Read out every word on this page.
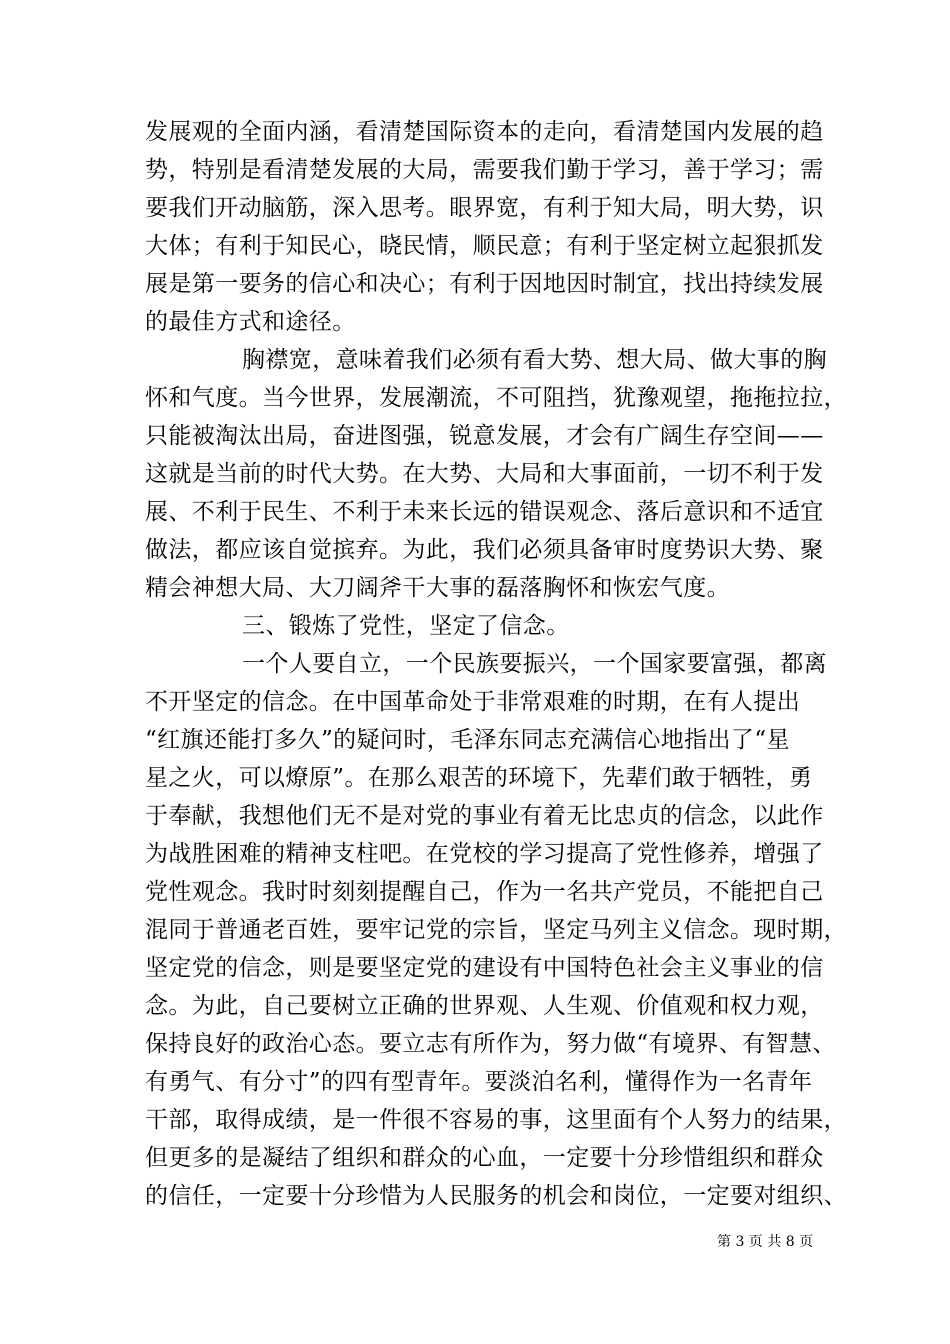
发展观的全面内涵，看清楚国际资本的走向，看清楚国内发展的趋
势，特别是看清楚发展的大局，需要我们勤于学习，善于学习；需
要我们开动脑筋，深入思考。眼界宽，有利于知大局，明大势，识
大体；有利于知民心，晓民情，顺民意；有利于坚定树立起狠抓发
展是第一要务的信心和决心；有利于因地因时制宜，找出持续发展
的最佳方式和途径。
胸襟宽，意味着我们必须有看大势、想大局、做大事的胸
怀和气度。当今世界，发展潮流，不可阻挡，犹豫观望，拖拖拉拉，
只能被淘汰出局，奋进图强，锐意发展，才会有广阔生存空间——
这就是当前的时代大势。在大势、大局和大事面前，一切不利于发
展、不利于民生、不利于未来长远的错误观念、落后意识和不适宜
做法，都应该自觉摈弃。为此，我们必须具备审时度势识大势、聚
精会神想大局、大刀阔斧干大事的磊落胸怀和恢宏气度。
三、锻炼了党性，坚定了信念。
一个人要自立，一个民族要振兴，一个国家要富强，都离
不开坚定的信念。在中国革命处于非常艰难的时期，在有人提出
“红旗还能打多久”的疑问时，毛泽东同志充满信心地指出了“星
星之火，可以燎原”。在那么艰苦的环境下，先辈们敢于牺牲，勇
于奉献，我想他们无不是对党的事业有着无比忠贞的信念，以此作
为战胜困难的精神支柱吧。在党校的学习提高了党性修养，增强了
党性观念。我时时刻刻提醒自己，作为一名共产党员，不能把自己
混同于普通老百姓，要牢记党的宗旨，坚定马列主义信念。现时期，
坚定党的信念，则是要坚定党的建设有中国特色社会主义事业的信
念。为此，自己要树立正确的世界观、人生观、价值观和权力观，
保持良好的政治心态。要立志有所作为，努力做“有境界、有智慧、
有勇气、有分寸”的四有型青年。要淡泊名利，懂得作为一名青年
干部，取得成绩，是一件很不容易的事，这里面有个人努力的结果，
但更多的是凝结了组织和群众的心血，一定要十分珍惜组织和群众
的信任，一定要十分珍惜为人民服务的机会和岗位，一定要对组织、
第 3 页 共 8 页
